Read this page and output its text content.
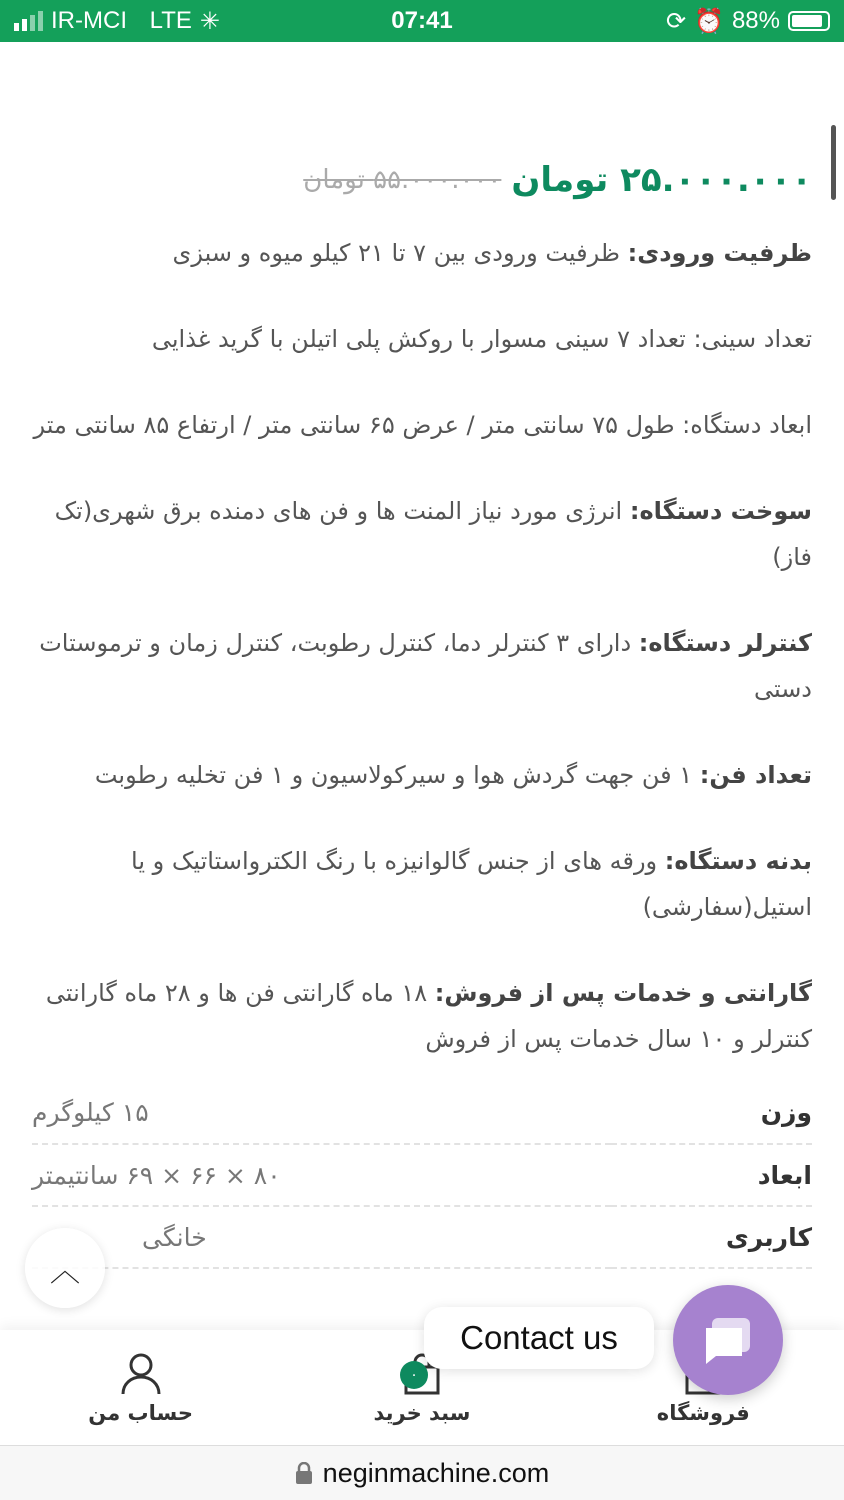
IR-MCI
LTE ✳	07:41	⟳ ⏰ 88%
۲۵.۰۰۰.۰۰۰ تومان
۵۵.۰۰۰.۰۰۰ تومان

ظرفیت ورودی: ظرفیت ورودی بین ۷ تا ۲۱ کیلو میوه و سبزی

تعداد سینی: تعداد ۷ سینی مسوار با روکش پلی اتیلن با گرید غذایی

ابعاد دستگاه: طول ۷۵ سانتی متر / عرض ۶۵ سانتی متر / ارتفاع ۸۵ سانتی متر

سوخت دستگاه: انرژی مورد نیاز المنت ها و فن های دمنده برق شهری(تک فاز)

کنترلر دستگاه: دارای ۳ کنترلر دما، کنترل رطوبت، کنترل زمان و ترموستات دستی

تعداد فن: ۱ فن جهت گردش هوا و سیرکولاسیون و ۱ فن تخلیه رطوبت

بدنه دستگاه: ورقه های از جنس گالوانیزه با رنگ الکترواستاتیک و یا استیل(سفارشی)

گارانتی و خدمات پس از فروش: ۱۸ ماه گارانتی فن ها و ۲۸ ماه گارانتی کنترلر و ۱۰ سال خدمات پس از فروش

وزن	۱۵ کیلوگرم
ابعاد	۸۰ × ۶۶ × ۶۹ سانتیمتر
کاربری	خانگی
︿
حساب من
۰
سبد خرید	فروشگاه
Contact us
neginmachine.com
